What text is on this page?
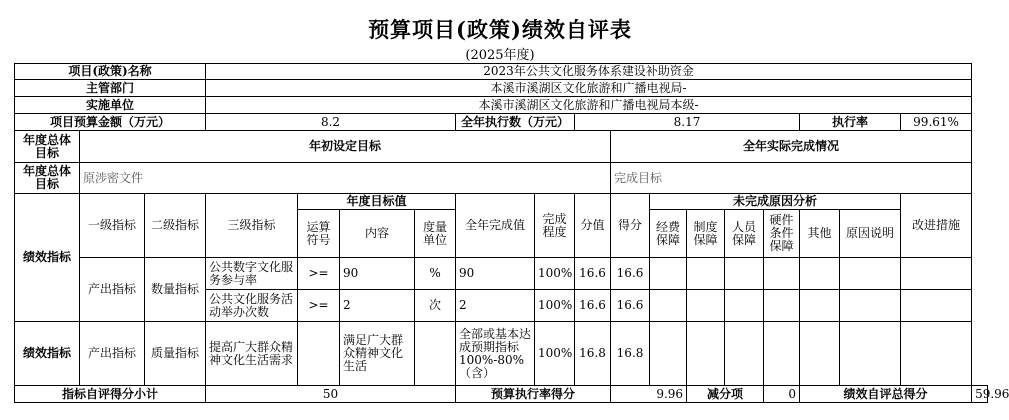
预算项目(政策)绩效自评表
(2025年度)
项目(政策)名称			2023年公共文化服务体系建设补助资金															
主管部门			本溪市溪湖区文化旅游和广播电视局-															
实施单位			本溪市溪湖区文化旅游和广播电视局本级-															
项目预算金额（万元）			8.2				全年执行数（万元）		8.17						执行率		99.61%	
年度总体目标	年初设定目标									全年实际完成情况								
年度总体目标	原涉密文件									完成目标								
绩效指标	一级指标	二级指标	三级指标	年度目标值			全年完成值	完成程度	分值	得分	未完成原因分析						改进措施	
				运算符号	内容	度量单位					经费保障	制度保障	人员保障	硬件条件保障	其他	原因说明		
	产出指标	数量指标	公共数字文化服务参与率	>=	90	%	90	100%	16.6	16.6								
			公共文化服务活动举办次数	>=	2	次	2	100%	16.6	16.6								
绩效指标	产出指标	质量指标	提高广大群众精神文化生活需求		满足广大群众精神文化生活		全部或基本达成预期指标100%-80%（含）	100%	16.8	16.8								
指标自评得分小计			50				预算执行率得分			9.96		减分项		0	绩效自评总得分			59.96
